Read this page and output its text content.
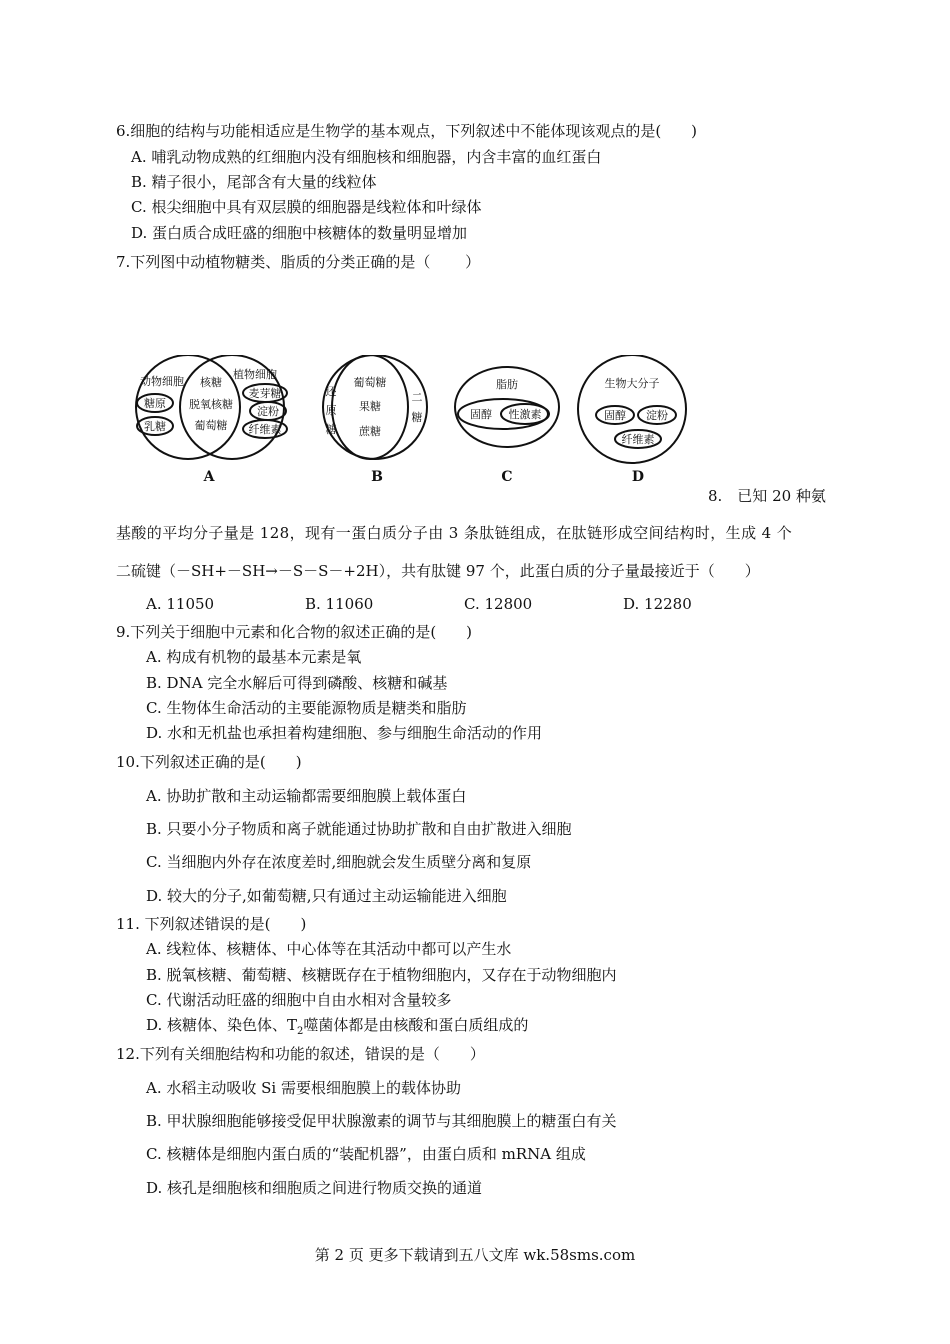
6.细胞的结构与功能相适应是生物学的基本观点，下列叙述中不能体现该观点的是(　　)
A. 哺乳动物成熟的红细胞内没有细胞核和细胞器，内含丰富的血红蛋白
B. 精子很小，尾部含有大量的线粒体
C. 根尖细胞中具有双层膜的细胞器是线粒体和叶绿体
D. 蛋白质合成旺盛的细胞中核糖体的数量明显增加
7.下列图中动植物糖类、脂质的分类正确的是（　　 ）
动物细胞
糖原
乳糖
核糖
脱氧核糖
葡萄糖
植物细胞
麦芽糖
淀粉
纤维素
还
原
糖
葡萄糖
果糖
蔗糖
二
糖
脂肪
固醇 性激素
生物大分子
固醇 淀粉
纤维素
A	B	C	D
8.　已知 20 种氨
基酸的平均分子量是 128，现有一蛋白质分子由 3 条肽链组成，在肽链形成空间结构时，生成 4 个
二硫键（－SH+－SH→－S－S－+2H），共有肽键 97 个，此蛋白质的分子量最接近于（　　）
A. 11050	B. 11060	C. 12800	D. 12280
9.下列关于细胞中元素和化合物的叙述正确的是(　　)
A. 构成有机物的最基本元素是氧
B. DNA 完全水解后可得到磷酸、核糖和碱基
C. 生物体生命活动的主要能源物质是糖类和脂肪
D. 水和无机盐也承担着构建细胞、参与细胞生命活动的作用
10.下列叙述正确的是(　　)
A. 协助扩散和主动运输都需要细胞膜上载体蛋白
B. 只要小分子物质和离子就能通过协助扩散和自由扩散进入细胞
C. 当细胞内外存在浓度差时,细胞就会发生质壁分离和复原
D. 较大的分子,如葡萄糖,只有通过主动运输能进入细胞
11. 下列叙述错误的是(　　)
A. 线粒体、核糖体、中心体等在其活动中都可以产生水
B. 脱氧核糖、葡萄糖、核糖既存在于植物细胞内，又存在于动物细胞内
C. 代谢活动旺盛的细胞中自由水相对含量较多
D. 核糖体、染色体、$T_2$噬菌体都是由核酸和蛋白质组成的
12.下列有关细胞结构和功能的叙述，错误的是（　　）
A. 水稻主动吸收 Si 需要根细胞膜上的载体协助
B. 甲状腺细胞能够接受促甲状腺激素的调节与其细胞膜上的糖蛋白有关
C. 核糖体是细胞内蛋白质的“装配机器”，由蛋白质和 mRNA 组成
D. 核孔是细胞核和细胞质之间进行物质交换的通道
第 2 页 更多下载请到五八文库 wk.58sms.com
